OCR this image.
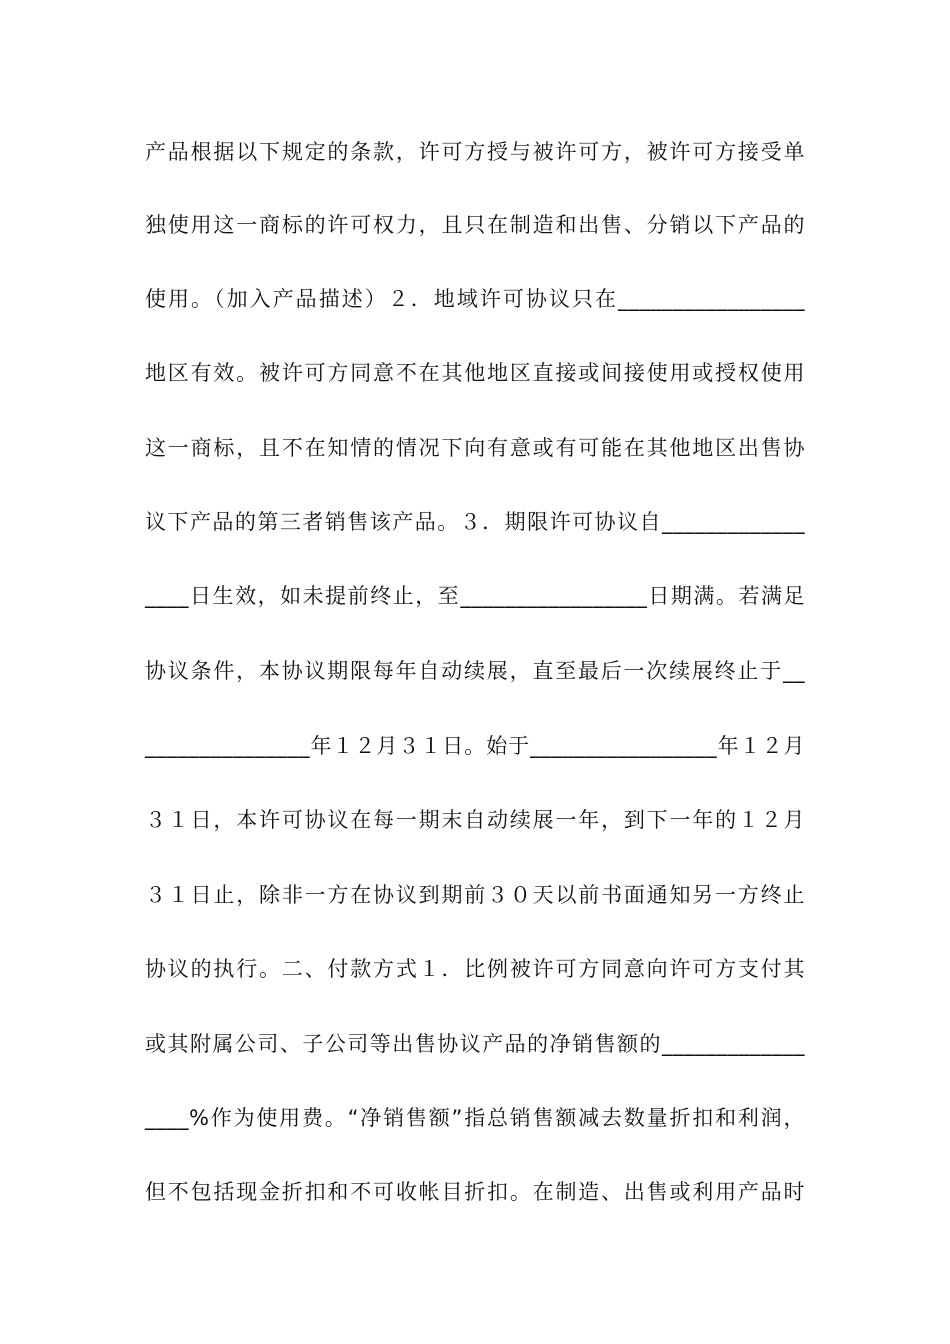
产品根据以下规定的条款，许可方授与被许可方，被许可方接受单
独使用这一商标的许可权力，且只在制造和出售、分销以下产品的
使用。（加入产品描述）２．地域许可协议只在_________________
地区有效。被许可方同意不在其他地区直接或间接使用或授权使用
这一商标，且不在知情的情况下向有意或有可能在其他地区出售协
议下产品的第三者销售该产品。３．期限许可协议自_____________
____日生效，如未提前终止，至_________________日期满。若满足
协议条件，本协议期限每年自动续展，直至最后一次续展终止于__
_______________年１２月３１日。始于_________________年１２月
３１日，本许可协议在每一期末自动续展一年，到下一年的１２月
３１日止，除非一方在协议到期前３０天以前书面通知另一方终止
协议的执行。二、付款方式１．比例被许可方同意向许可方支付其
或其附属公司、子公司等出售协议产品的净销售额的_____________
____%作为使用费。“净销售额”指总销售额减去数量折扣和利润，
但不包括现金折扣和不可收帐目折扣。在制造、出售或利用产品时
